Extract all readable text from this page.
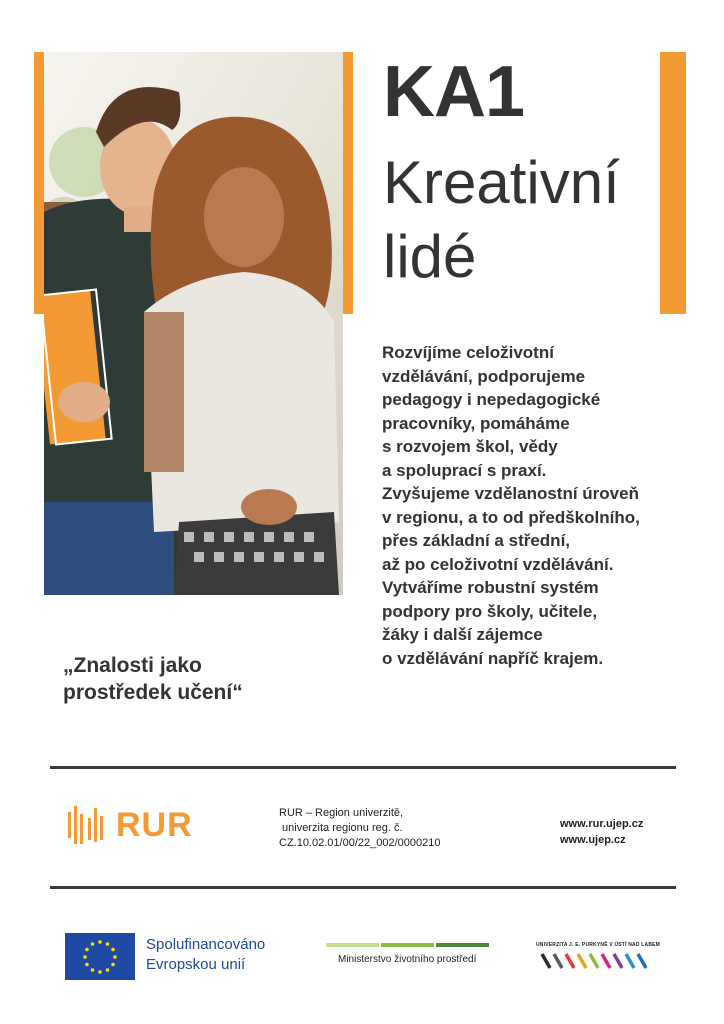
KA1
Kreativní
lidé

Rozvíjíme celoživotní
vzdělávání, podporujeme
pedagogy i nepedagogické
pracovníky, pomáháme
s rozvojem škol, vědy
a spoluprací s praxí.
Zvyšujeme vzdělanostní úroveň
v regionu, a to od předškolního,
přes základní a střední,
až po celoživotní vzdělávání.
Vytváříme robustní systém
podpory pro školy, učitele,
žáky i další zájemce
o vzdělávání napříč krajem.

„Znalosti jako
prostředek učení“

RUR	RUR – Region univerzitě,
univerzita regionu reg. č.
CZ.10.02.01/00/22_002/0000210

www.rur.ujep.cz
www.ujep.cz

Spolufinancováno
Evropskou unií	Ministerstvo životního prostředí

UNIVERZITA J. E. PURKYNĚ V ÚSTÍ NAD LABEM
